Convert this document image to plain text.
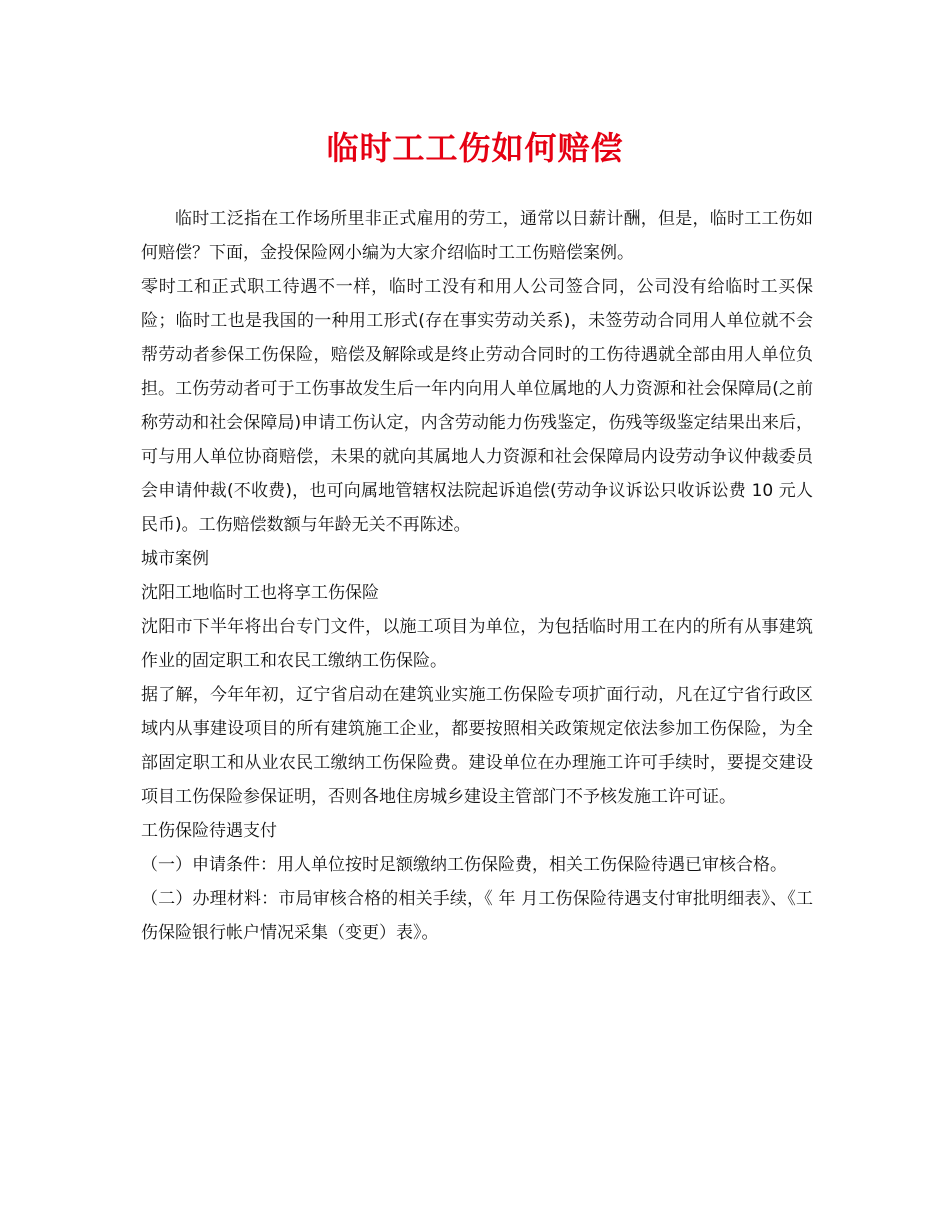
临时工工伤如何赔偿

临时工泛指在工作场所里非正式雇用的劳工，通常以日薪计酬，但是，临时工工伤如何赔偿？下面，金投保险网小编为大家介绍临时工工伤赔偿案例。

零时工和正式职工待遇不一样，临时工没有和用人公司签合同，公司没有给临时工买保险；临时工也是我国的一种用工形式(存在事实劳动关系)，未签劳动合同用人单位就不会帮劳动者参保工伤保险，赔偿及解除或是终止劳动合同时的工伤待遇就全部由用人单位负担。工伤劳动者可于工伤事故发生后一年内向用人单位属地的人力资源和社会保障局(之前称劳动和社会保障局)申请工伤认定，内含劳动能力伤残鉴定，伤残等级鉴定结果出来后，可与用人单位协商赔偿，未果的就向其属地人力资源和社会保障局内设劳动争议仲裁委员会申请仲裁(不收费)，也可向属地管辖权法院起诉追偿(劳动争议诉讼只收诉讼费 10 元人民币)。工伤赔偿数额与年龄无关不再陈述。

城市案例

沈阳工地临时工也将享工伤保险

沈阳市下半年将出台专门文件，以施工项目为单位，为包括临时用工在内的所有从事建筑作业的固定职工和农民工缴纳工伤保险。

据了解，今年年初，辽宁省启动在建筑业实施工伤保险专项扩面行动，凡在辽宁省行政区域内从事建设项目的所有建筑施工企业，都要按照相关政策规定依法参加工伤保险，为全部固定职工和从业农民工缴纳工伤保险费。建设单位在办理施工许可手续时，要提交建设项目工伤保险参保证明，否则各地住房城乡建设主管部门不予核发施工许可证。

工伤保险待遇支付

（一）申请条件：用人单位按时足额缴纳工伤保险费，相关工伤保险待遇已审核合格。

（二）办理材料：市局审核合格的相关手续，《 年 月工伤保险待遇支付审批明细表》、《工伤保险银行帐户情况采集（变更）表》。
